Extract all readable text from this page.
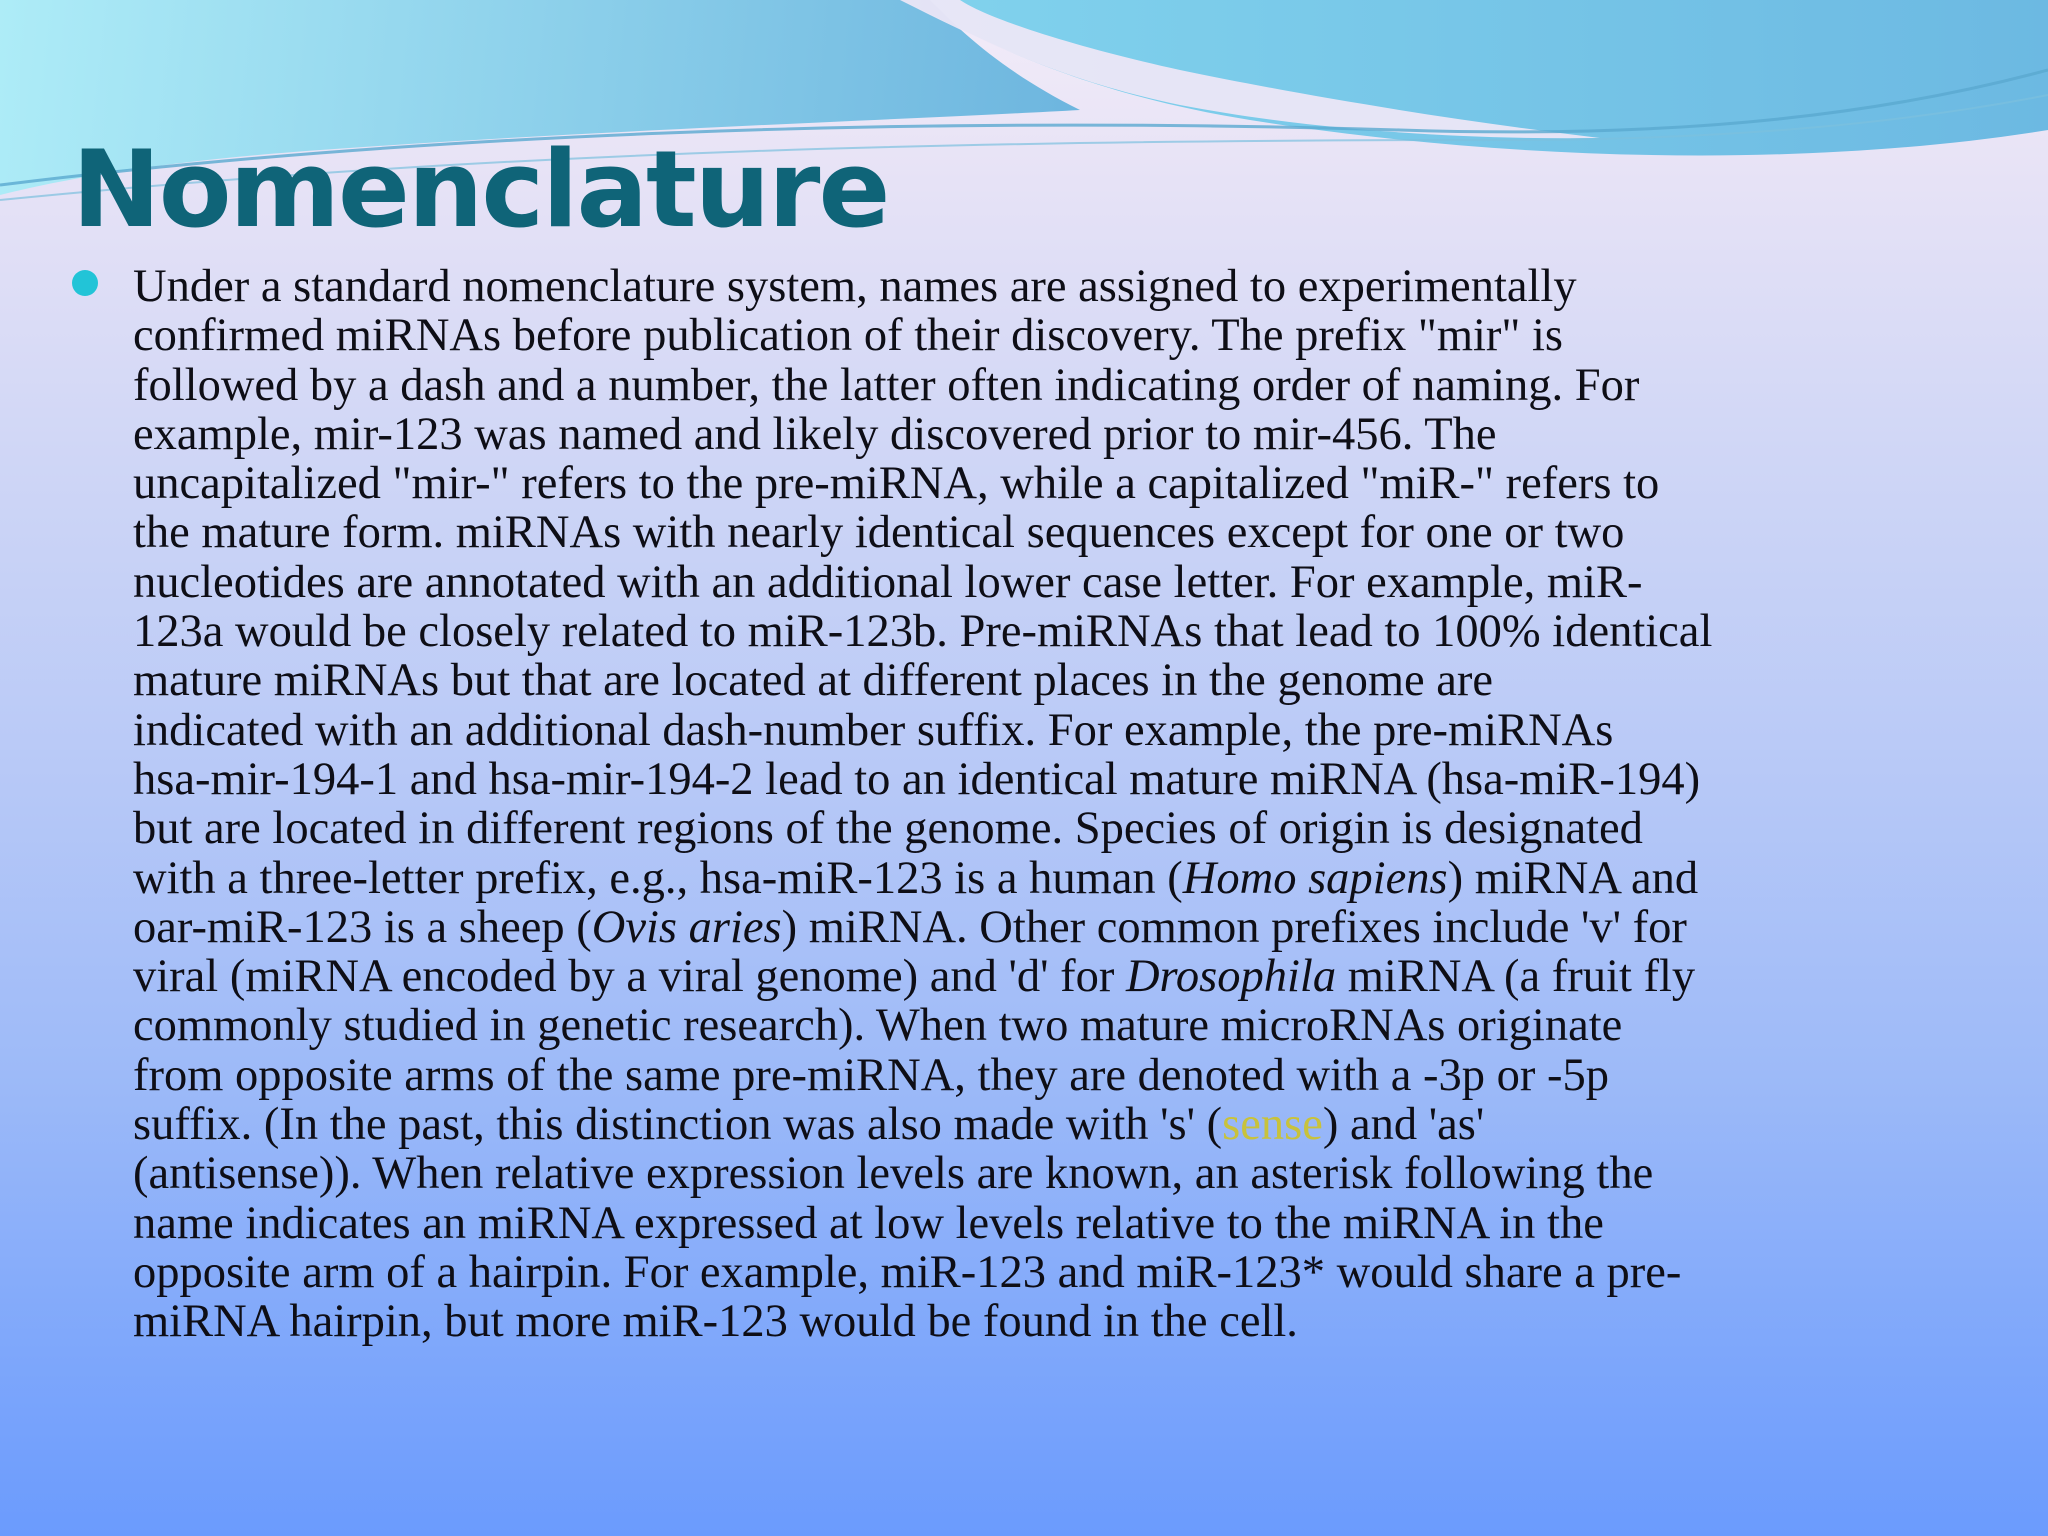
Nomenclature

Under a standard nomenclature system, names are assigned to experimentally
confirmed miRNAs before publication of their discovery. The prefix "mir" is
followed by a dash and a number, the latter often indicating order of naming. For
example, mir-123 was named and likely discovered prior to mir-456. The
uncapitalized "mir-" refers to the pre-miRNA, while a capitalized "miR-" refers to
the mature form. miRNAs with nearly identical sequences except for one or two
nucleotides are annotated with an additional lower case letter. For example, miR-
123a would be closely related to miR-123b. Pre-miRNAs that lead to 100% identical
mature miRNAs but that are located at different places in the genome are
indicated with an additional dash-number suffix. For example, the pre-miRNAs
hsa-mir-194-1 and hsa-mir-194-2 lead to an identical mature miRNA (hsa-miR-194)
but are located in different regions of the genome. Species of origin is designated
with a three-letter prefix, e.g., hsa-miR-123 is a human (Homo sapiens) miRNA and
oar-miR-123 is a sheep (Ovis aries) miRNA. Other common prefixes include 'v' for
viral (miRNA encoded by a viral genome) and 'd' for Drosophila miRNA (a fruit fly
commonly studied in genetic research). When two mature microRNAs originate
from opposite arms of the same pre-miRNA, they are denoted with a -3p or -5p
suffix. (In the past, this distinction was also made with 's' (sense) and 'as'
(antisense)). When relative expression levels are known, an asterisk following the
name indicates an miRNA expressed at low levels relative to the miRNA in the
opposite arm of a hairpin. For example, miR-123 and miR-123* would share a pre-
miRNA hairpin, but more miR-123 would be found in the cell.
